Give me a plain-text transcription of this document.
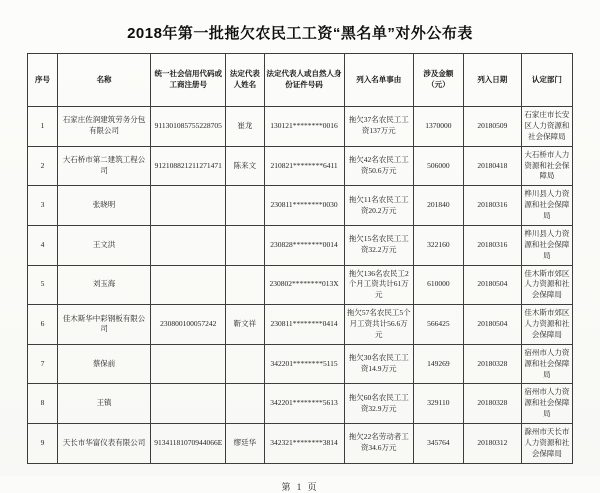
2018年第一批拖欠农民工工资“黑名单”对外公布表
序号	名称	统一社会信用代码或工商注册号	法定代表人姓名	法定代表人或自然人身份证件号码	列入名单事由	涉及金额（元）	列入日期	认定部门
1	石家庄佐润建筑劳务分包有限公司	911301085755228705	崔龙	130121********0016	拖欠37名农民工工资137万元	1370000	20180509	石家庄市长安区人力资源和社会保障局
2	大石桥市第二建筑工程公司	912108821211271471	陈来文	210821********6411	拖欠42名农民工工资50.6万元	506000	20180418	大石桥市人力资源和社会保障局
3	张晓明			230811********0030	拖欠11名农民工工资20.2万元	201840	20180316	桦川县人力资源和社会保障局
4	王文洪			230828********0014	拖欠15名农民工工资32.2万元	322160	20180316	桦川县人力资源和社会保障局
5	刘玉海			230802********013X	拖欠136名农民工2个月工资共计61万元	610000	20180504	佳木斯市郊区人力资源和社会保障局
6	佳木斯华中彩钢板有限公司	230800100057242	靳文祥	230811********0414	拖欠57名农民工5个月工资共计56.6万元	566425	20180504	佳木斯市郊区人力资源和社会保障局
7	蔡保前			342201********5115	拖欠30名农民工工资14.9万元	149269	20180328	宿州市人力资源和社会保障局
8	王镇			342201********5613	拖欠60名农民工工资32.9万元	329110	20180328	宿州市人力资源和社会保障局
9	天长市华富仪表有限公司	91341181070944066E	缪廷华	342321********3814	拖欠22名劳动者工资34.6万元	345764	20180312	滁州市天长市人力资源和社会保障局
第 1 页
